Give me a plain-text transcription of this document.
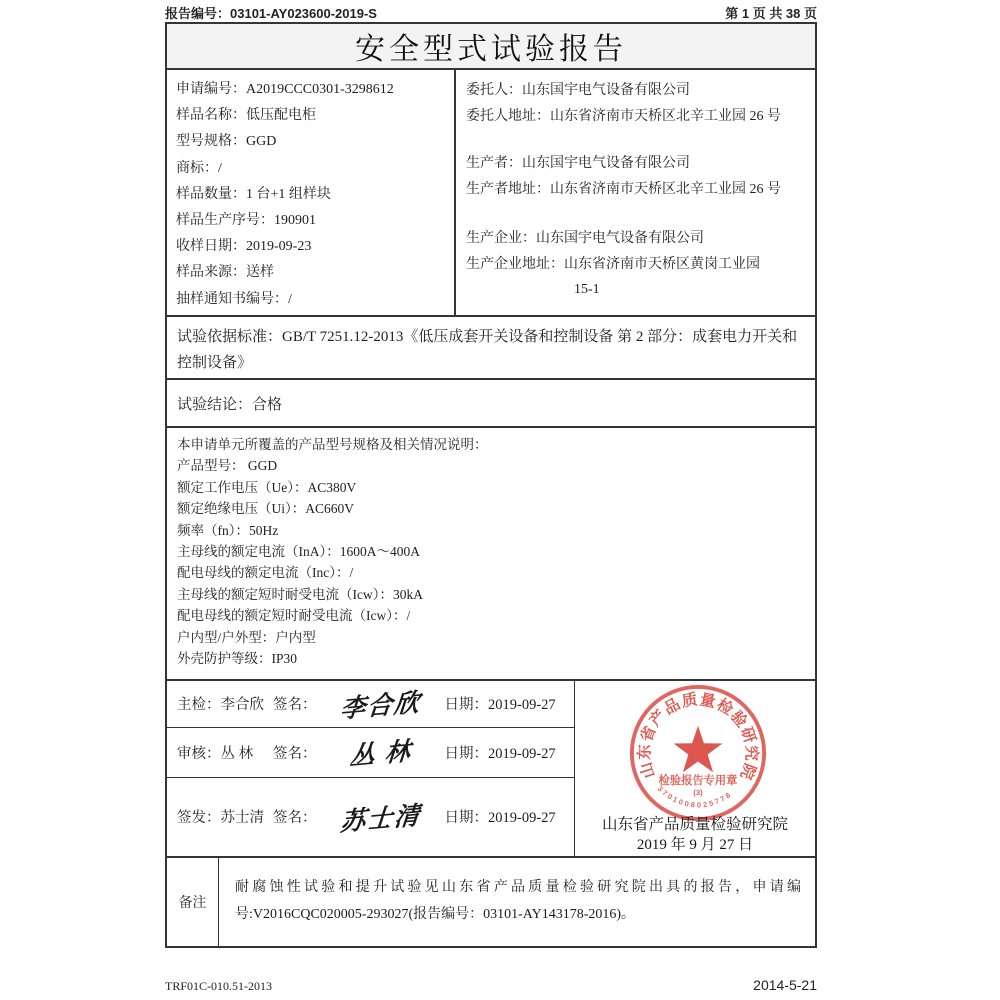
报告编号：03101-AY023600-2019-S	第 1 页 共 38 页
安全型式试验报告
申请编号：A2019CCC0301-3298612
样品名称：低压配电柜
型号规格：GGD
商标：/
样品数量：1 台+1 组样块
样品生产序号：190901
收样日期：2019-09-23
样品来源：送样
抽样通知书编号：/
委托人：山东国宇电气设备有限公司
委托人地址：山东省济南市天桥区北辛工业园 26 号
生产者：山东国宇电气设备有限公司
生产者地址：山东省济南市天桥区北辛工业园 26 号
生产企业：山东国宇电气设备有限公司
生产企业地址：山东省济南市天桥区黄岗工业园
15-1
试验依据标准：GB/T 7251.12-2013《低压成套开关设备和控制设备 第 2 部分：成套电力开关和控制设备》
试验结论：合格
本申请单元所覆盖的产品型号规格及相关情况说明：
产品型号： GGD
额定工作电压（Ue）：AC380V
额定绝缘电压（Ui）：AC660V
频率（fn）：50Hz
主母线的额定电流（InA）：1600A～400A
配电母线的额定电流（Inc）：/
主母线的额定短时耐受电流（Icw）：30kA
配电母线的额定短时耐受电流（Icw）：/
户内型/户外型：户内型
外壳防护等级：IP30
主检：李合欣 签名： 李合欣	日期：2019-09-27
审核：丛 林	签名：	丛 林	日期：2019-09-27
签发：苏士清 签名： 苏士清	日期：2019-09-27
山东省产品质量检验研究院
检验报告专用章
(3)
3701008025778
山东省产品质量检验研究院
2019 年 9 月 27 日
备注
耐腐蚀性试验和提升试验见山东省产品质量检验研究院出具的报告，申请编号:V2016CQC020005-293027(报告编号：03101-AY143178-2016)。
TRF01C-010.51-2013	2014-5-21
